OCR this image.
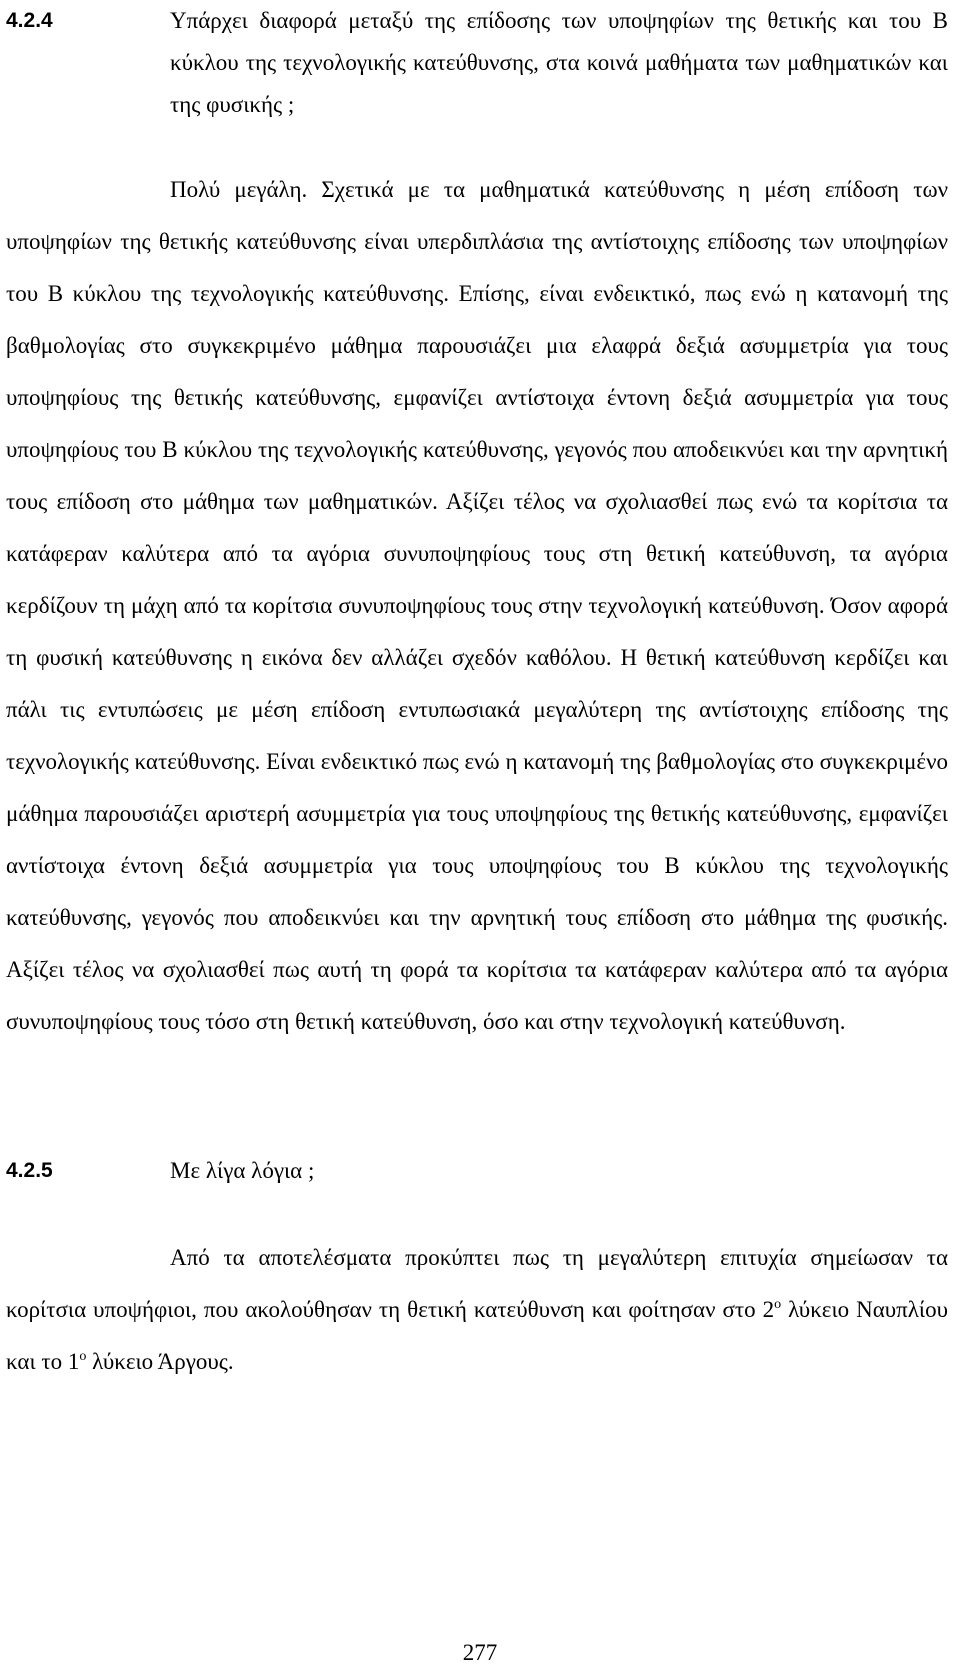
4.2.4	Υπάρχει διαφορά μεταξύ της επίδοσης των υποψηφίων της θετικής και του Β κύκλου της τεχνολογικής κατεύθυνσης, στα κοινά μαθήματα των μαθηματικών και της φυσικής ;

Πολύ μεγάλη. Σχετικά με τα μαθηματικά κατεύθυνσης η μέση επίδοση των υποψηφίων της θετικής κατεύθυνσης είναι υπερδιπλάσια της αντίστοιχης επίδοσης των υποψηφίων του Β κύκλου της τεχνολογικής κατεύθυνσης. Επίσης, είναι ενδεικτικό, πως ενώ η κατανομή της βαθμολογίας στο συγκεκριμένο μάθημα παρουσιάζει μια ελαφρά δεξιά ασυμμετρία για τους υποψηφίους της θετικής κατεύθυνσης, εμφανίζει αντίστοιχα έντονη δεξιά ασυμμετρία για τους υποψηφίους του Β κύκλου της τεχνολογικής κατεύθυνσης, γεγονός που αποδεικνύει και την αρνητική τους επίδοση στο μάθημα των μαθηματικών. Αξίζει τέλος να σχολιασθεί πως ενώ τα κορίτσια τα κατάφεραν καλύτερα από τα αγόρια συνυποψηφίους τους στη θετική κατεύθυνση, τα αγόρια κερδίζουν τη μάχη από τα κορίτσια συνυποψηφίους τους στην τεχνολογική κατεύθυνση. Όσον αφορά τη φυσική κατεύθυνσης η εικόνα δεν αλλάζει σχεδόν καθόλου. Η θετική κατεύθυνση κερδίζει και πάλι τις εντυπώσεις με μέση επίδοση εντυπωσιακά μεγαλύτερη της αντίστοιχης επίδοσης της τεχνολογικής κατεύθυνσης. Είναι ενδεικτικό πως ενώ η κατανομή της βαθμολογίας στο συγκεκριμένο μάθημα παρουσιάζει αριστερή ασυμμετρία για τους υποψηφίους της θετικής κατεύθυνσης, εμφανίζει αντίστοιχα έντονη δεξιά ασυμμετρία για τους υποψηφίους του Β κύκλου της τεχνολογικής κατεύθυνσης, γεγονός που αποδεικνύει και την αρνητική τους επίδοση στο μάθημα της φυσικής. Αξίζει τέλος να σχολιασθεί πως αυτή τη φορά τα κορίτσια τα κατάφεραν καλύτερα από τα αγόρια συνυποψηφίους τους τόσο στη θετική κατεύθυνση, όσο και στην τεχνολογική κατεύθυνση.

4.2.5	Με λίγα λόγια ;

Από τα αποτελέσματα προκύπτει πως τη μεγαλύτερη επιτυχία σημείωσαν τα κορίτσια υποψήφιοι, που ακολούθησαν τη θετική κατεύθυνση και φοίτησαν στο $2^o$ λύκειο Ναυπλίου και το $1^o$ λύκειο Άργους.

277
